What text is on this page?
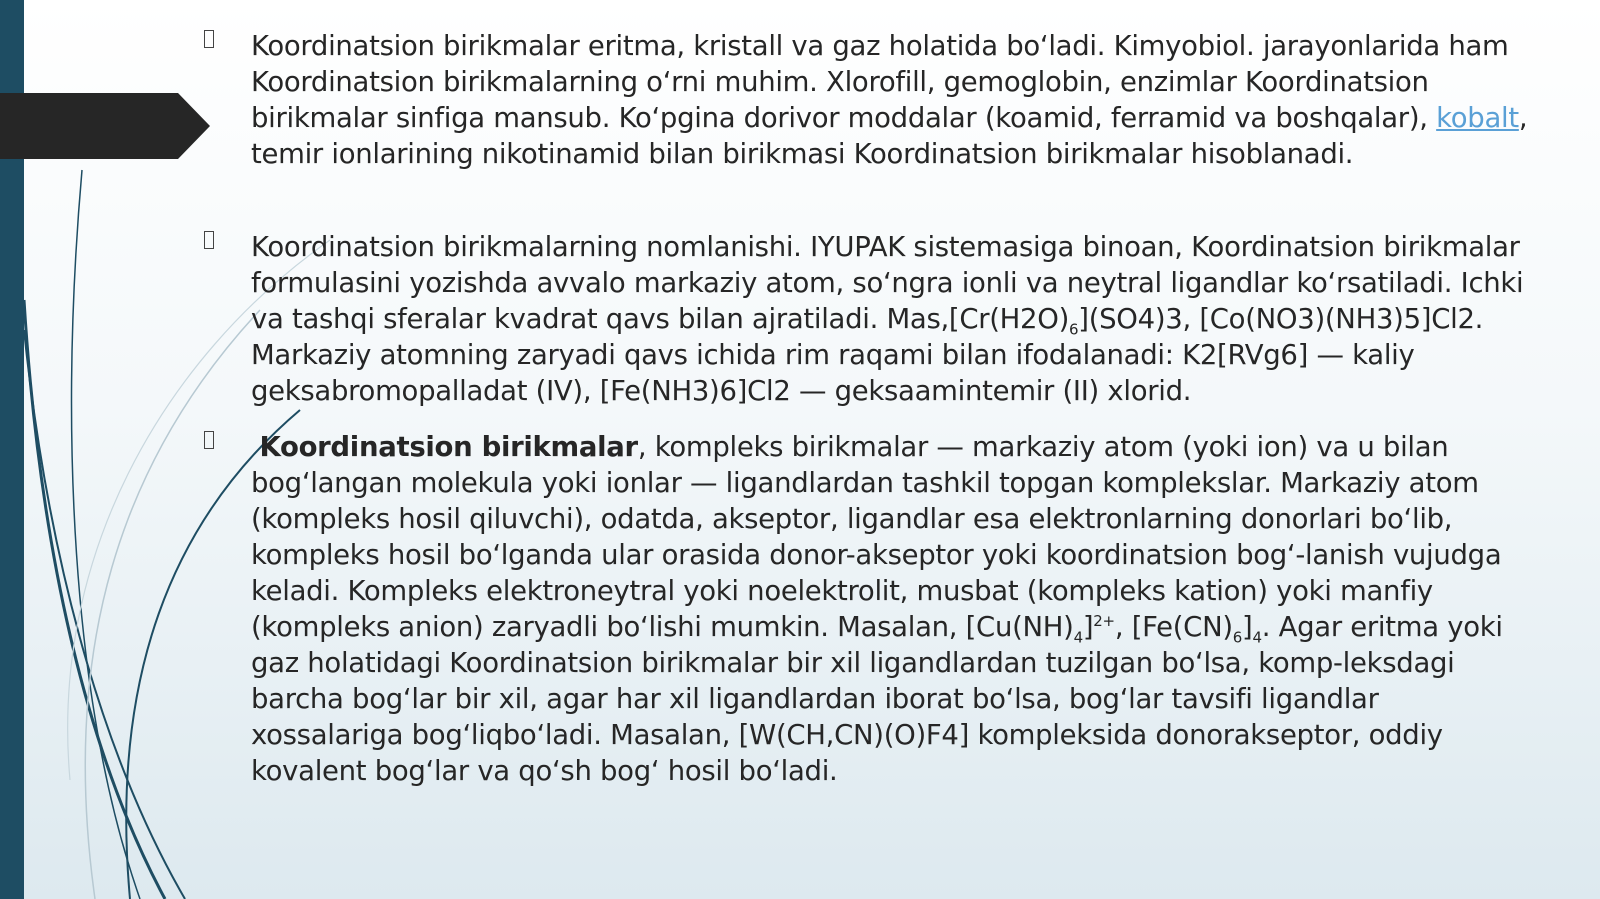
Koordinatsion birikmalar eritma, kristall va gaz holatida bo‘ladi. Kimyobiol. jarayonlarida ham Koordinatsion birikmalarning o‘rni muhim. Xlorofill, gemoglobin, enzimlar Koordinatsion birikmalar sinfiga mansub. Ko‘pgina dorivor moddalar (koamid, ferramid va boshqalar), kobalt, temir ionlarining nikotinamid bilan birikmasi Koordinatsion birikmalar hisoblanadi.

Koordinatsion birikmalarning nomlanishi. IYUPAK sistemasiga binoan, Koordinatsion birikmalar formulasini yozishda avvalo markaziy atom, so‘ngra ionli va neytral ligandlar ko‘rsatiladi. Ichki va tashqi sferalar kvadrat qavs bilan ajratiladi. $Mas,[Cr(H2O)_6](SO4)3$, [Co(NO3)(NH3)5]Cl2. Markaziy atomning zaryadi qavs ichida rim raqami bilan ifodalanadi: K2[RVg6] — kaliy geksabromopalladat (IV), [Fe(NH3)6]Cl2 — geksaamintemir (II) xlorid.

Koordinatsion birikmalar, kompleks birikmalar — markaziy atom (yoki ion) va u bilan bog‘langan molekula yoki ionlar — ligandlardan tashkil topgan komplekslar. Markaziy atom (kompleks hosil qiluvchi), odatda, akseptor, ligandlar esa elektronlarning donorlari bo‘lib, kompleks hosil bo‘lganda ular orasida donor-akseptor yoki koordinatsion bog‘-lanish vujudga keladi. Kompleks elektroneytral yoki noelektrolit, musbat (kompleks kation) yoki manfiy (kompleks anion) zaryadli bo‘lishi mumkin. Masalan, $[Cu(NH)_4]^{2+}$, $[Fe(CN)_6]_4$. Agar eritma yoki gaz holatidagi Koordinatsion birikmalar bir xil ligandlardan tuzilgan bo‘lsa, komp-leksdagi barcha bog‘lar bir xil, agar har xil ligandlardan iborat bo‘lsa, bog‘lar tavsifi ligandlar xossalariga bog‘liqbo‘ladi. Masalan, [W(CH,CN)(O)F4] kompleksida donorakseptor, oddiy kovalent bog‘lar va qo‘sh bog‘ hosil bo‘ladi.
